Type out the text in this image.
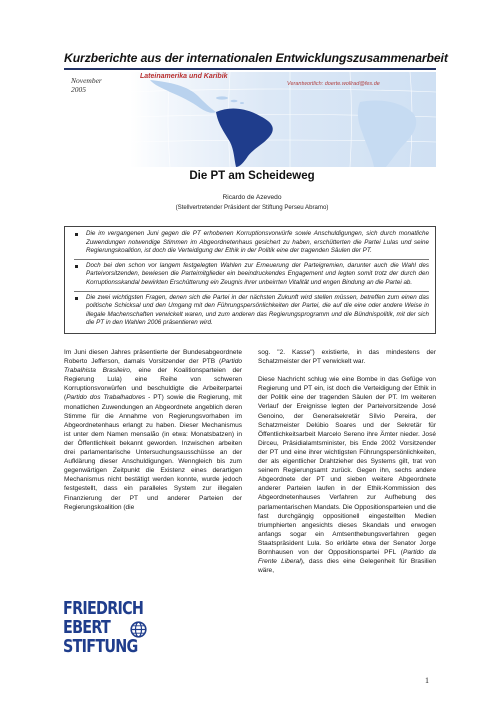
Kurzberichte aus der internationalen Entwicklungszusammenarbeit
November
2005
Lateinamerika und Karibik
Verantwortlich: doerte.wollrad@fes.de
Die PT am Scheideweg
Ricardo de Azevedo
(Stellvertretender Präsident der Stiftung Perseu Abramo)
Die im vergangenen Juni gegen die PT erhobenen Korruptionsvorwürfe sowie Anschuldigungen, sich durch monatliche Zuwendungen notwendige Stimmen im Abgeordnetenhaus gesichert zu haben, erschütterten die Partei Lulas und seine Regierungskoalition, ist doch die Verteidigung der Ethik in der Politik eine der tragenden Säulen der PT.
Doch bei den schon vor langem festgelegten Wahlen zur Erneuerung der Parteigremien, darunter auch die Wahl des Parteivorsitzenden, bewiesen die Parteimitglieder ein beeindruckendes Engagement und legten somit trotz der durch den Korruptionsskandal bewirkten Erschütterung ein Zeugnis ihrer unbeirrten Vitalität und engen Bindung an die Partei ab.
Die zwei wichtigsten Fragen, denen sich die Partei in der nächsten Zukunft wird stellen müssen, betreffen zum einen das politische Schicksal und den Umgang mit den Führungspersönlichkeiten der Partei, die auf die eine oder andere Weise in illegale Machenschaften verwickelt waren, und zum anderen das Regierungsprogramm und die Bündnispolitik, mit der sich die PT in den Wahlen 2006 präsentieren wird.

Im Juni diesen Jahres präsentierte der Bundesabgeordnete Roberto Jefferson, damals Vorsitzender der PTB (Partido Trabalhista Brasileiro, eine der Koalitionsparteien der Regierung Lula) eine Reihe von schweren Korruptionsvorwürfen und beschuldigte die Arbeiterpartei (Partido dos Trabalhadores - PT) sowie die Regierung, mit monatlichen Zuwendungen an Abgeordnete angeblich deren Stimme für die Annahme von Regierungsvorhaben im Abgeordnetenhaus erlangt zu haben. Dieser Mechanismus ist unter dem Namen mensalão (in etwa: Monatsbatzen) in der Öffentlichkeit bekannt geworden. Inzwischen arbeiten drei parlamentarische Untersuchungsausschüsse an der Aufklärung dieser Anschuldigungen. Wenngleich bis zum gegenwärtigen Zeitpunkt die Existenz eines derartigen Mechanismus nicht bestätigt werden konnte, wurde jedoch festgestellt, dass ein paralleles System zur illegalen Finanzierung der PT und anderer Parteien der Regierungskoalition (die

sog. "2. Kasse") existierte, in das mindestens der Schatzmeister der PT verwickelt war.

Diese Nachricht schlug wie eine Bombe in das Gefüge von Regierung und PT ein, ist doch die Verteidigung der Ethik in der Politik eine der tragenden Säulen der PT. Im weiteren Verlauf der Ereignisse legten der Parteivorsitzende José Genoino, der Generalsekretär Sílvio Pereira, der Schatzmeister Delúbio Soares und der Sekretär für Öffentlichkeitsarbeit Marcelo Sereno ihre Ämter nieder. José Dirceu, Präsidialamtsminister, bis Ende 2002 Vorsitzender der PT und eine ihrer wichtigsten Führungspersönlichkeiten, der als eigentlicher Drahtzieher des Systems gilt, trat von seinem Regierungsamt zurück. Gegen ihn, sechs andere Abgeordnete der PT und sieben weitere Abgeordnete anderer Parteien laufen in der Ethik-Kommission des Abgeordnetenhauses Verfahren zur Aufhebung des parlamentarischen Mandats. Die Oppositionsparteien und die fast durchgängig oppositionell eingestellten Medien triumphierten angesichts dieses Skandals und erwogen anfangs sogar ein Amtsenthebungsverfahren gegen Staatspräsident Lula. So erklärte etwa der Senator Jorge Bornhausen von der Oppositionspartei PFL (Partido da Frente Liberal), dass dies eine Gelegenheit für Brasilien wäre,

FRIEDRICH
EBERT
STIFTUNG
1
